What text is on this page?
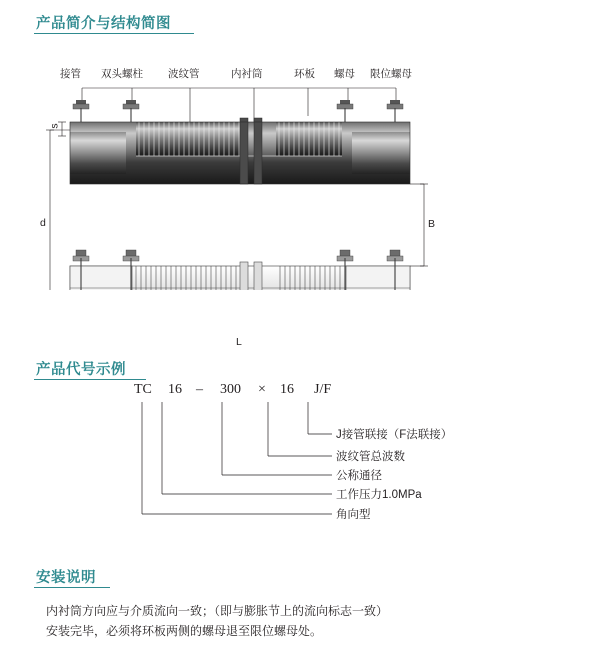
产品简介与结构简图
接管 双头螺柱 波纹管	内衬筒	环板 螺母 限位螺母
s
d	B
L
产品代号示例
TC 16 – 300 × 16 J/F
J接管联接（F法联接）
波纹管总波数
公称通径
工作压力1.0MPa
角向型
安装说明
内衬筒方向应与介质流向一致；（即与膨胀节上的流向标志一致）
安装完毕，必须将环板两侧的螺母退至限位螺母处。
